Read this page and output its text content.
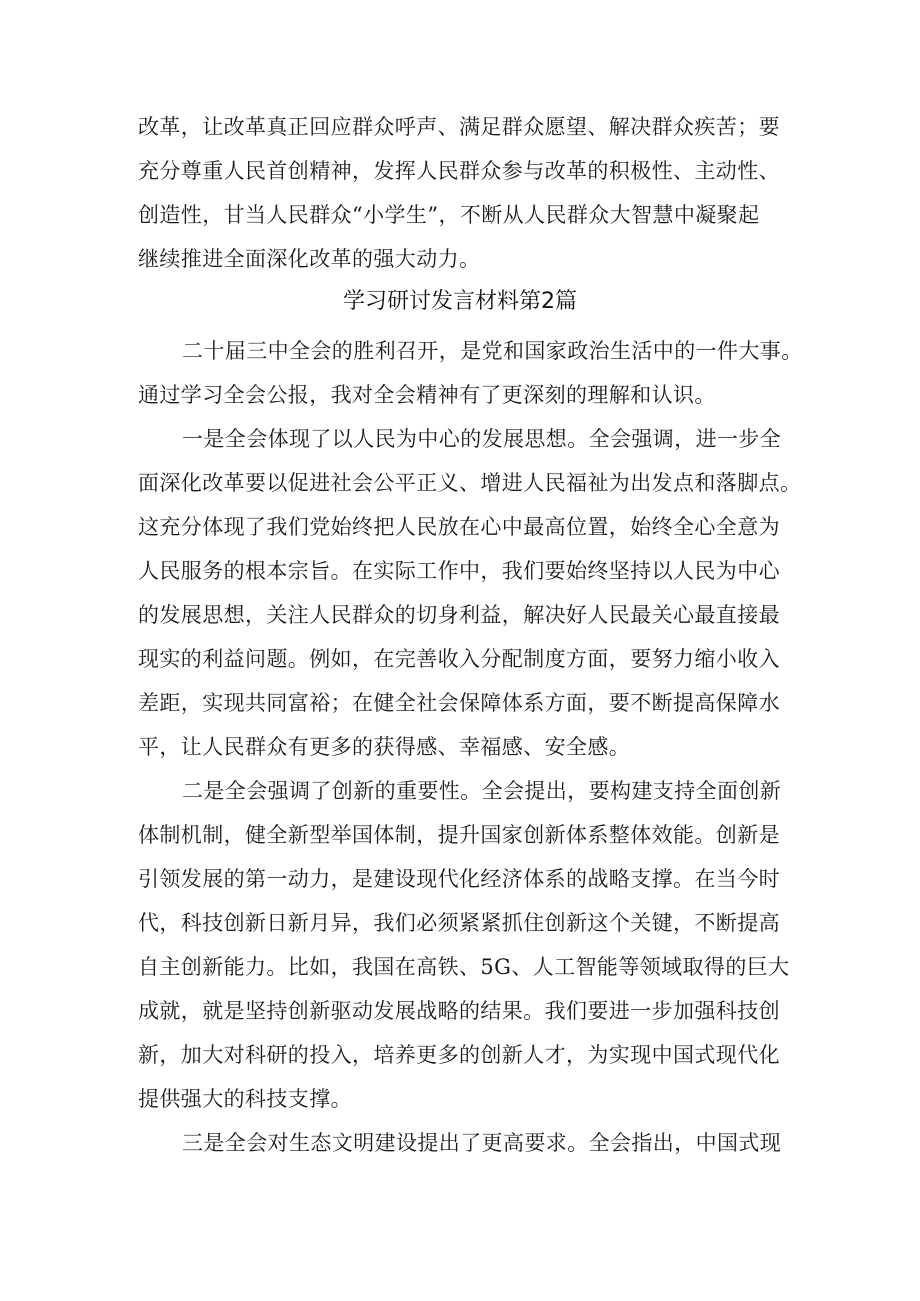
改革，让改革真正回应群众呼声、满足群众愿望、解决群众疾苦；要
充分尊重人民首创精神，发挥人民群众参与改革的积极性、主动性、
创造性，甘当人民群众“小学生”，不断从人民群众大智慧中凝聚起
继续推进全面深化改革的强大动力。
学习研讨发言材料第2篇
二十届三中全会的胜利召开，是党和国家政治生活中的一件大事。
通过学习全会公报，我对全会精神有了更深刻的理解和认识。
一是全会体现了以人民为中心的发展思想。全会强调，进一步全
面深化改革要以促进社会公平正义、增进人民福祉为出发点和落脚点。
这充分体现了我们党始终把人民放在心中最高位置，始终全心全意为
人民服务的根本宗旨。在实际工作中，我们要始终坚持以人民为中心
的发展思想，关注人民群众的切身利益，解决好人民最关心最直接最
现实的利益问题。例如，在完善收入分配制度方面，要努力缩小收入
差距，实现共同富裕；在健全社会保障体系方面，要不断提高保障水
平，让人民群众有更多的获得感、幸福感、安全感。
二是全会强调了创新的重要性。全会提出，要构建支持全面创新
体制机制，健全新型举国体制，提升国家创新体系整体效能。创新是
引领发展的第一动力，是建设现代化经济体系的战略支撑。在当今时
代，科技创新日新月异，我们必须紧紧抓住创新这个关键，不断提高
自主创新能力。比如，我国在高铁、5G、人工智能等领域取得的巨大
成就，就是坚持创新驱动发展战略的结果。我们要进一步加强科技创
新，加大对科研的投入，培养更多的创新人才，为实现中国式现代化
提供强大的科技支撑。
三是全会对生态文明建设提出了更高要求。全会指出，中国式现
